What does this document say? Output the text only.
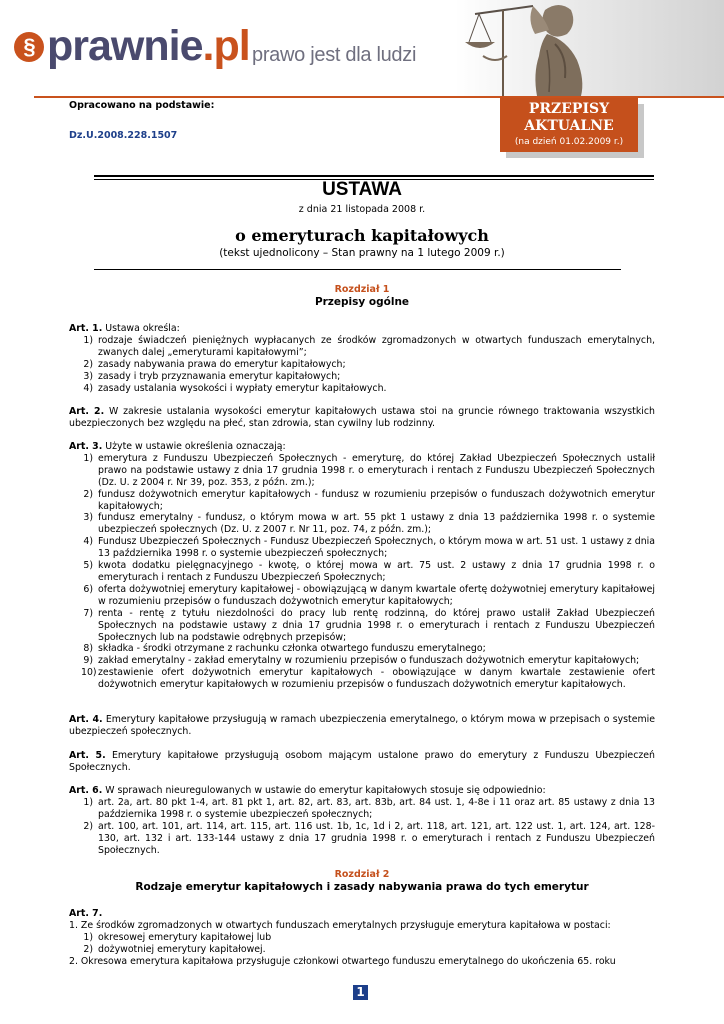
§ prawnie.pl prawo jest dla ludzi
Opracowano na podstawie:
Dz.U.2008.228.1507
PRZEPISY
AKTUALNE
(na dzień 01.02.2009 r.)
USTAWA
z dnia 21 listopada 2008 r.
o emeryturach kapitałowych
(tekst ujednolicony – Stan prawny na 1 lutego 2009 r.)
Rozdział 1
Przepisy ogólne

Art. 1. Ustawa określa:

1) rodzaje świadczeń pieniężnych wypłacanych ze środków zgromadzonych w otwartych funduszach emerytalnych, zwanych dalej „emeryturami kapitałowymi”;
2) zasady nabywania prawa do emerytur kapitałowych;
3) zasady i tryb przyznawania emerytur kapitałowych;
4) zasady ustalania wysokości i wypłaty emerytur kapitałowych.

Art. 2. W zakresie ustalania wysokości emerytur kapitałowych ustawa stoi na gruncie równego traktowania wszystkich ubezpieczonych bez względu na płeć, stan zdrowia, stan cywilny lub rodzinny.

Art. 3. Użyte w ustawie określenia oznaczają:

1) emerytura z Funduszu Ubezpieczeń Społecznych - emeryturę, do której Zakład Ubezpieczeń Społecznych ustalił prawo na podstawie ustawy z dnia 17 grudnia 1998 r. o emeryturach i rentach z Funduszu Ubezpieczeń Społecznych (Dz. U. z 2004 r. Nr 39, poz. 353, z późn. zm.);
2) fundusz dożywotnich emerytur kapitałowych - fundusz w rozumieniu przepisów o funduszach dożywotnich emerytur kapitałowych;
3) fundusz emerytalny - fundusz, o którym mowa w art. 55 pkt 1 ustawy z dnia 13 października 1998 r. o systemie ubezpieczeń społecznych (Dz. U. z 2007 r. Nr 11, poz. 74, z późn. zm.);
4) Fundusz Ubezpieczeń Społecznych - Fundusz Ubezpieczeń Społecznych, o którym mowa w art. 51 ust. 1 ustawy z dnia 13 października 1998 r. o systemie ubezpieczeń społecznych;
5) kwota dodatku pielęgnacyjnego - kwotę, o której mowa w art. 75 ust. 2 ustawy z dnia 17 grudnia 1998 r. o emeryturach i rentach z Funduszu Ubezpieczeń Społecznych;
6) oferta dożywotniej emerytury kapitałowej - obowiązującą w danym kwartale ofertę dożywotniej emerytury kapitałowej w rozumieniu przepisów o funduszach dożywotnich emerytur kapitałowych;
7) renta - rentę z tytułu niezdolności do pracy lub rentę rodzinną, do której prawo ustalił Zakład Ubezpieczeń Społecznych na podstawie ustawy z dnia 17 grudnia 1998 r. o emeryturach i rentach z Funduszu Ubezpieczeń Społecznych lub na podstawie odrębnych przepisów;
8) składka - środki otrzymane z rachunku członka otwartego funduszu emerytalnego;
9) zakład emerytalny - zakład emerytalny w rozumieniu przepisów o funduszach dożywotnich emerytur kapitałowych;
10) zestawienie ofert dożywotnich emerytur kapitałowych - obowiązujące w danym kwartale zestawienie ofert dożywotnich emerytur kapitałowych w rozumieniu przepisów o funduszach dożywotnich emerytur kapitałowych.

Art. 4. Emerytury kapitałowe przysługują w ramach ubezpieczenia emerytalnego, o którym mowa w przepisach o systemie ubezpieczeń społecznych.

Art. 5. Emerytury kapitałowe przysługują osobom mającym ustalone prawo do emerytury z Funduszu Ubezpieczeń Społecznych.

Art. 6. W sprawach nieuregulowanych w ustawie do emerytur kapitałowych stosuje się odpowiednio:

1) art. 2a, art. 80 pkt 1-4, art. 81 pkt 1, art. 82, art. 83, art. 83b, art. 84 ust. 1, 4-8e i 11 oraz art. 85 ustawy z dnia 13 października 1998 r. o systemie ubezpieczeń społecznych;
2) art. 100, art. 101, art. 114, art. 115, art. 116 ust. 1b, 1c, 1d i 2, art. 118, art. 121, art. 122 ust. 1, art. 124, art. 128-130, art. 132 i art. 133-144 ustawy z dnia 17 grudnia 1998 r. o emeryturach i rentach z Funduszu Ubezpieczeń Społecznych.
Rozdział 2
Rodzaje emerytur kapitałowych i zasady nabywania prawa do tych emerytur

Art. 7.

1. Ze środków zgromadzonych w otwartych funduszach emerytalnych przysługuje emerytura kapitałowa w postaci:

1) okresowej emerytury kapitałowej lub
2) dożywotniej emerytury kapitałowej.

2. Okresowa emerytura kapitałowa przysługuje członkowi otwartego funduszu emerytalnego do ukończenia 65. roku

1
